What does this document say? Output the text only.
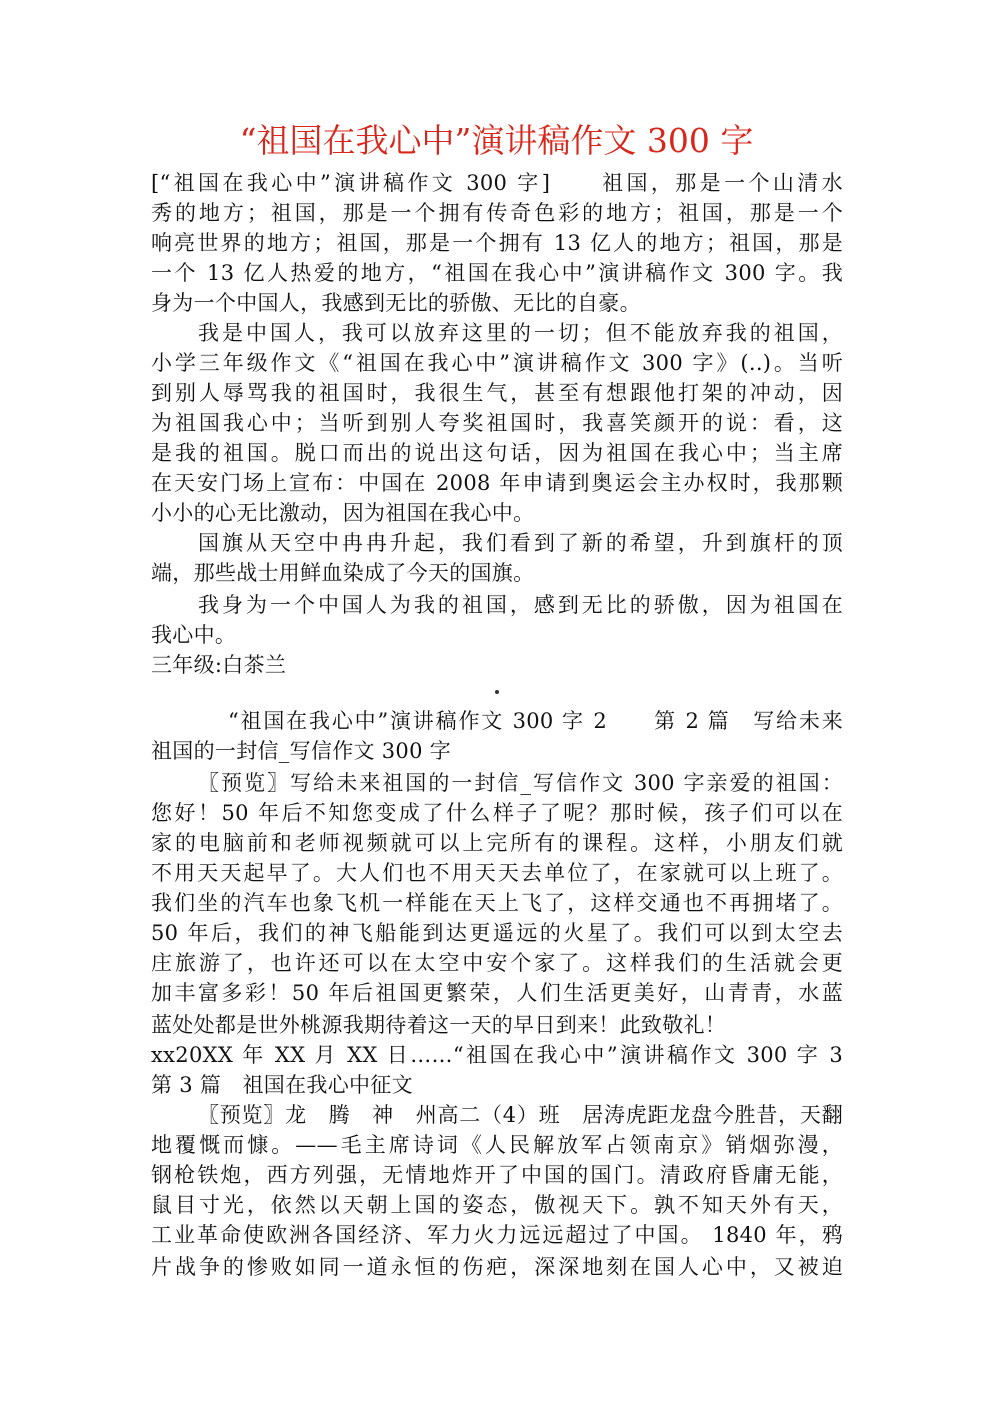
“祖国在我心中”演讲稿作文 300 字
[“祖国在我心中”演讲稿作文 300 字]　　祖国，那是一个山清水
秀的地方；祖国，那是一个拥有传奇色彩的地方；祖国，那是一个
响亮世界的地方；祖国，那是一个拥有 13 亿人的地方；祖国，那是
一个 13 亿人热爱的地方，“祖国在我心中”演讲稿作文 300 字。我
身为一个中国人，我感到无比的骄傲、无比的自豪。
我是中国人，我可以放弃这里的一切；但不能放弃我的祖国，
小学三年级作文《“祖国在我心中”演讲稿作文 300 字》(..)。当听
到别人辱骂我的祖国时，我很生气，甚至有想跟他打架的冲动，因
为祖国我心中；当听到别人夸奖祖国时，我喜笑颜开的说：看，这
是我的祖国。脱口而出的说出这句话，因为祖国在我心中；当主席
在天安门场上宣布：中国在 2008 年申请到奥运会主办权时，我那颗
小小的心无比激动，因为祖国在我心中。
国旗从天空中冉冉升起，我们看到了新的希望，升到旗杆的顶
端，那些战士用鲜血染成了今天的国旗。
我身为一个中国人为我的祖国，感到无比的骄傲，因为祖国在
我心中。
三年级:白茶兰
“祖国在我心中”演讲稿作文 300 字 2　　第 2 篇　写给未来
祖国的一封信_写信作文 300 字
〖预览〗写给未来祖国的一封信_写信作文 300 字亲爱的祖国：
您好！50 年后不知您变成了什么样子了呢？那时候，孩子们可以在
家的电脑前和老师视频就可以上完所有的课程。这样，小朋友们就
不用天天起早了。大人们也不用天天去单位了，在家就可以上班了。
我们坐的汽车也象飞机一样能在天上飞了，这样交通也不再拥堵了。
50 年后，我们的神飞船能到达更遥远的火星了。我们可以到太空去
庄旅游了，也许还可以在太空中安个家了。这样我们的生活就会更
加丰富多彩！50 年后祖国更繁荣，人们生活更美好，山青青，水蓝
蓝处处都是世外桃源我期待着这一天的早日到来！此致敬礼！
xx20XX 年 XX 月 XX 日……“祖国在我心中”演讲稿作文 300 字 3
第 3 篇　祖国在我心中征文
〖预览〗龙　腾　神　州高二（4）班　居涛虎距龙盘今胜昔，天翻
地覆慨而慷。——毛主席诗词《人民解放军占领南京》销烟弥漫，
钢枪铁炮，西方列强，无情地炸开了中国的国门。清政府昏庸无能，
鼠目寸光，依然以天朝上国的姿态，傲视天下。孰不知天外有天，
工业革命使欧洲各国经济、军力火力远远超过了中国。 1840 年，鸦
片战争的惨败如同一道永恒的伤疤，深深地刻在国人心中，又被迫
